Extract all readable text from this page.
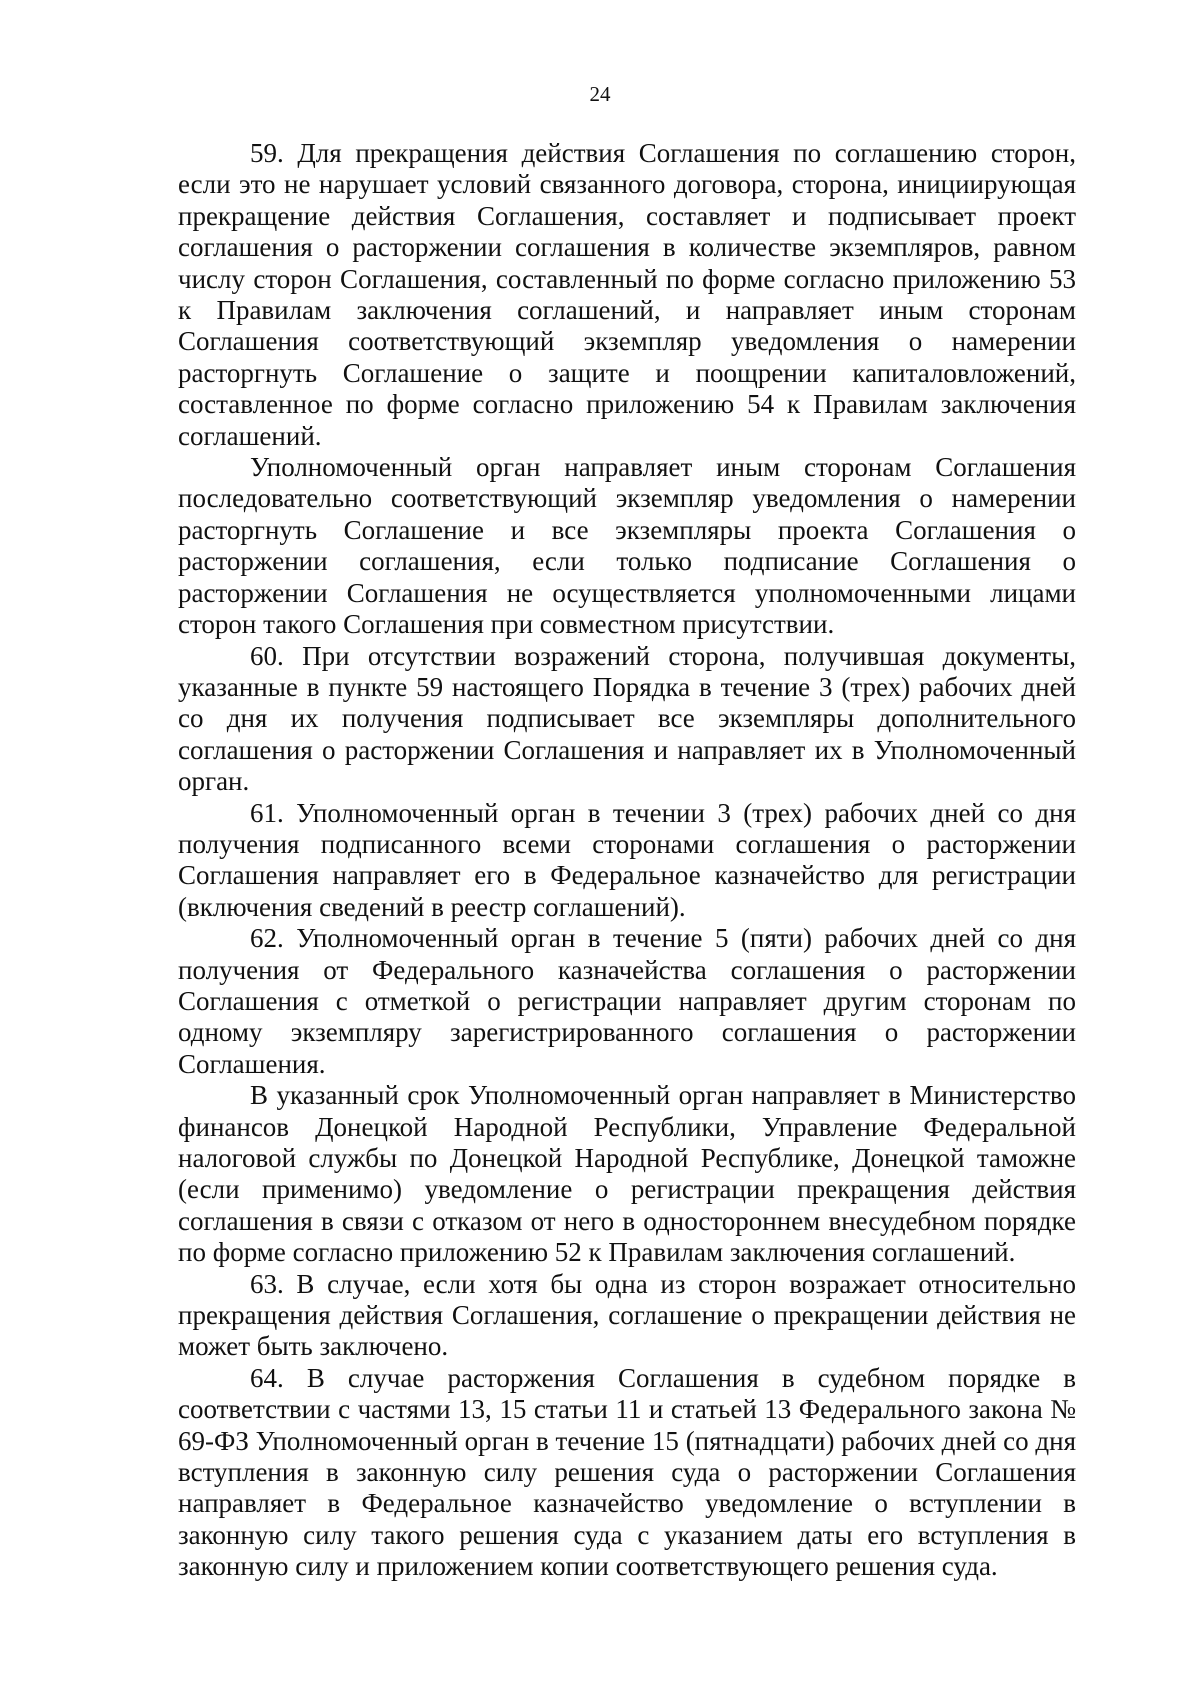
24

59. Для прекращения действия Соглашения по соглашению сторон, если это не нарушает условий связанного договора, сторона, инициирующая прекращение действия Соглашения, составляет и подписывает проект соглашения о расторжении соглашения в количестве экземпляров, равном числу сторон Соглашения, составленный по форме согласно приложению 53 к Правилам заключения соглашений, и направляет иным сторонам Соглашения соответствующий экземпляр уведомления о намерении расторгнуть Соглашение о защите и поощрении капиталовложений, составленное по форме согласно приложению 54 к Правилам заключения соглашений.

Уполномоченный орган направляет иным сторонам Соглашения последовательно соответствующий экземпляр уведомления о намерении расторгнуть Соглашение и все экземпляры проекта Соглашения о расторжении соглашения, если только подписание Соглашения о расторжении Соглашения не осуществляется уполномоченными лицами сторон такого Соглашения при совместном присутствии.

60. При отсутствии возражений сторона, получившая документы, указанные в пункте 59 настоящего Порядка в течение 3 (трех) рабочих дней со дня их получения подписывает все экземпляры дополнительного соглашения о расторжении Соглашения и направляет их в Уполномоченный орган.

61. Уполномоченный орган в течении 3 (трех) рабочих дней со дня получения подписанного всеми сторонами соглашения о расторжении Соглашения направляет его в Федеральное казначейство для регистрации (включения сведений в реестр соглашений).

62. Уполномоченный орган в течение 5 (пяти) рабочих дней со дня получения от Федерального казначейства соглашения о расторжении Соглашения с отметкой о регистрации направляет другим сторонам по одному экземпляру зарегистрированного соглашения о расторжении Соглашения.

В указанный срок Уполномоченный орган направляет в Министерство финансов Донецкой Народной Республики, Управление Федеральной налоговой службы по Донецкой Народной Республике, Донецкой таможне (если применимо) уведомление о регистрации прекращения действия соглашения в связи с отказом от него в одностороннем внесудебном порядке по форме согласно приложению 52 к Правилам заключения соглашений.

63. В случае, если хотя бы одна из сторон возражает относительно прекращения действия Соглашения, соглашение о прекращении действия не может быть заключено.

64. В случае расторжения Соглашения в судебном порядке в соответствии с частями 13, 15 статьи 11 и статьей 13 Федерального закона № 69-ФЗ Уполномоченный орган в течение 15 (пятнадцати) рабочих дней со дня вступления в законную силу решения суда о расторжении Соглашения направляет в Федеральное казначейство уведомление о вступлении в законную силу такого решения суда с указанием даты его вступления в законную силу и приложением копии соответствующего решения суда.
